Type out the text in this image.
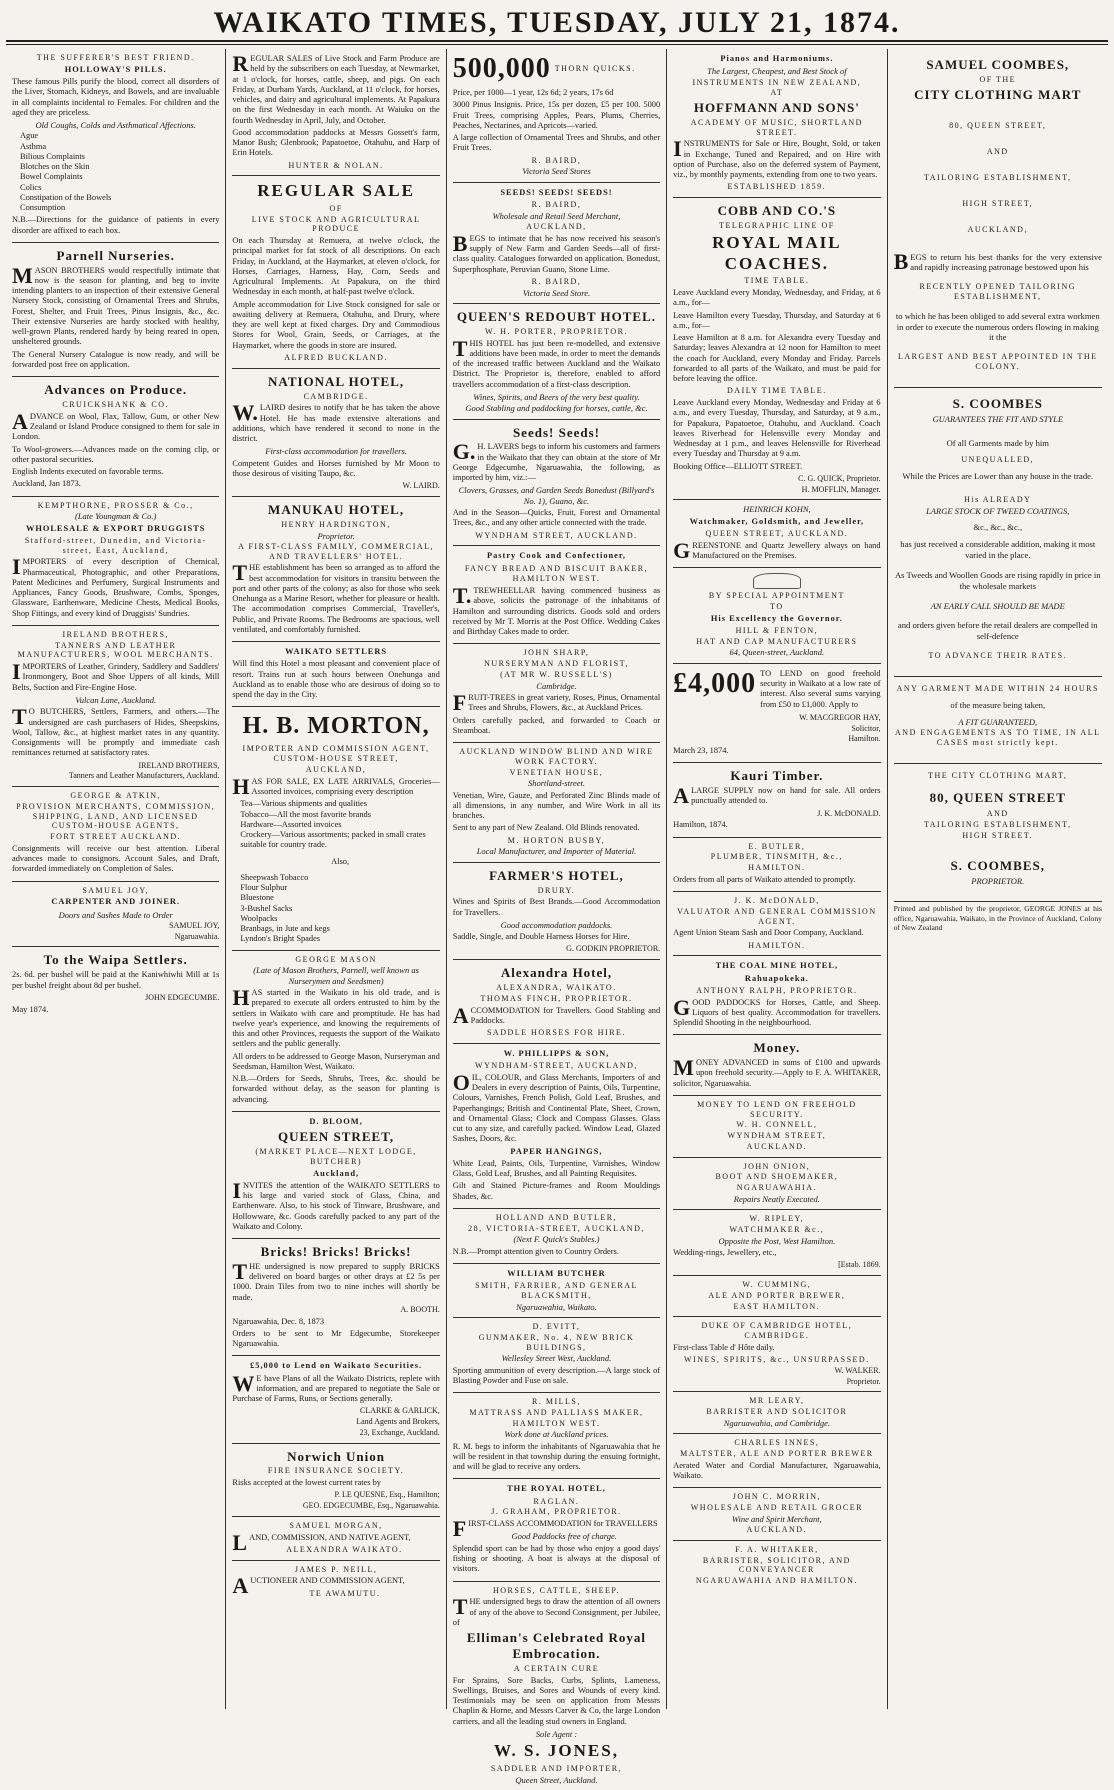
WAIKATO TIMES, TUESDAY, JULY 21, 1874.
THE SUFFERER'S BEST FRIEND.
HOLLOWAY'S PILLS.
These famous Pills purify the blood, correct all disorders of the Liver, Stomach, Kidneys, and Bowels, and are invaluable in all complaints incidental to Females. For children and the aged they are priceless.
Old Coughs, Colds and Asthmatical Affections.
Ague
Asthma
Bilious Complaints
Blotches on the Skin
Bowel Complaints
Colics
Constipation of the Bowels
Consumption
N.B.—Directions for the guidance of patients in every disorder are affixed to each box.
Parnell Nurseries.
MASON BROTHERS would respectfully intimate that now is the season for planting, and beg to invite intending planters to an inspection of their extensive General Nursery Stock, consisting of Ornamental Trees and Shrubs, Forest, Shelter, and Fruit Trees, Pinus Insignis, &c., &c. Their extensive Nurseries are hardy stocked with healthy, well-grown Plants, rendered hardy by being reared in open, unsheltered grounds.
The General Nursery Catalogue is now ready, and will be forwarded post free on application.
Advances on Produce.
CRUICKSHANK & CO.
ADVANCE on Wool, Flax, Tallow, Gum, or other New Zealand or Island Produce consigned to them for sale in London.
To Wool-growers.—Advances made on the coming clip, or other pastoral securities.
English Indents executed on favorable terms.
Auckland, Jan 1873.
KEMPTHORNE, PROSSER & Co.,
(Late Youngman & Co.)
WHOLESALE & EXPORT DRUGGISTS
Stafford-street, Dunedin, and Victoria-street, East, Auckland,
IMPORTERS of every description of Chemical, Pharmaceutical, Photographic, and other Preparations, Patent Medicines and Perfumery, Surgical Instruments and Appliances, Fancy Goods, Brushware, Combs, Sponges, Glassware, Earthenware, Medicine Chests, Medical Books, Shop Fittings, and every kind of Druggists' Sundries.
IRELAND BROTHERS,
TANNERS AND LEATHER MANUFACTURERS, WOOL MERCHANTS.
IMPORTERS of Leather, Grindery, Saddlery and Saddlers' Ironmongery, Boot and Shoe Uppers of all kinds, Mill Belts, Suction and Fire-Engine Hose.
Vulcan Lane, Auckland.
TO BUTCHERS, Settlers, Farmers, and others.—The undersigned are cash purchasers of Hides, Sheepskins, Wool, Tallow, &c., at highest market rates in any quantity. Consignments will be promptly and immediate cash remittances returned at satisfactory rates.
IRELAND BROTHERS,
Tanners and Leather Manufacturers, Auckland.
GEORGE & ATKIN,
PROVISION MERCHANTS, COMMISSION, SHIPPING, LAND, AND LICENSED CUSTOM-HOUSE AGENTS,
FORT STREET AUCKLAND.
Consignments will receive our best attention. Liberal advances made to consignors. Account Sales, and Draft, forwarded immediately on Completion of Sales.
SAMUEL JOY,
CARPENTER AND JOINER.
Doors and Sashes Made to Order
SAMUEL JOY,
Ngaruawahia.
To the Waipa Settlers.
2s. 6d. per bushel will be paid at the Kaniwhiwhi Mill at 1s per bushel freight about 8d per bushel.
JOHN EDGECUMBE.
May 1874.
REGULAR SALES of Live Stock and Farm Produce are held by the subscribers on each Tuesday, at Newmarket, at 1 o'clock, for horses, cattle, sheep, and pigs. On each Friday, at Durham Yards, Auckland, at 11 o'clock, for horses, vehicles, and dairy and agricultural implements. At Papakura on the first Wednesday in each month. At Waiuku on the fourth Wednesday in April, July, and October.
Good accommodation paddocks at Messrs Gossett's farm, Manor Bush; Glenbrook; Papatoetoe, Otahuhu, and Harp of Erin Hotels.
HUNTER & NOLAN.
REGULAR SALE
OF
LIVE STOCK AND AGRICULTURAL PRODUCE
On each Thursday at Remuera, at twelve o'clock, the principal market for fat stock of all descriptions. On each Friday, in Auckland, at the Haymarket, at eleven o'clock, for Horses, Carriages, Harness, Hay, Corn, Seeds and Agricultural Implements. At Papakura, on the third Wednesday in each month, at half-past twelve o'clock.
Ample accommodation for Live Stock consigned for sale or awaiting delivery at Remuera, Otahuhu, and Drury, where they are well kept at fixed charges. Dry and Commodious Stores for Wool, Grain, Seeds, or Carriages, at the Haymarket, where the goods in store are insured.
ALFRED BUCKLAND.
NATIONAL HOTEL,
CAMBRIDGE.
W.LAIRD desires to notify that he has taken the above Hotel. He has made extensive alterations and additions, which have rendered it second to none in the district.
First-class accommodation for travellers.
Competent Guides and Horses furnished by Mr Moon to those desirous of visiting Taupo, &c.
W. LAIRD.
MANUKAU HOTEL,
HENRY HARDINGTON,
Proprietor.
A FIRST-CLASS FAMILY, COMMERCIAL, AND TRAVELLERS' HOTEL.
THE establishment has been so arranged as to afford the best accommodation for visitors in transitu between the port and other parts of the colony; as also for those who seek Onehunga as a Marine Resort, whether for pleasure or health. The accommodation comprises Commercial, Traveller's, Public, and Private Rooms. The Bedrooms are spacious, well ventilated, and comfortably furnished.
WAIKATO SETTLERS
Will find this Hotel a most pleasant and convenient place of resort. Trains run at such hours between Onehunga and Auckland as to enable those who are desirous of doing so to spend the day in the City.
H. B. MORTON,
IMPORTER AND COMMISSION AGENT,
CUSTOM-HOUSE STREET,
AUCKLAND,
HAS FOR SALE, EX LATE ARRIVALS, Groceries—Assorted invoices, comprising every description
Tea—Various shipments and qualities
Tobacco—All the most favorite brands
Hardware—Assorted invoices
Crockery—Various assortments; packed in small crates suitable for country trade.
Also,
Sheepwash Tobacco
Flour Sulphur
Bluestone
3-Bushel Sacks
Woolpacks
Branbags, in Jute and kegs
Lyndon's Bright Spades
GEORGE MASON
(Late of Mason Brothers, Parnell, well known as Nurserymen and Seedsmen)
HAS started in the Waikato in his old trade, and is prepared to execute all orders entrusted to him by the settlers in Waikato with care and promptitude. He has had twelve year's experience, and knowing the requirements of this and other Provinces, requests the support of the Waikato settlers and the public generally.
All orders to be addressed to George Mason, Nurseryman and Seedsman, Hamilton West, Waikato.
N.B.—Orders for Seeds, Shrubs, Trees, &c. should be forwarded without delay, as the season for planting is advancing.
D. BLOOM,
QUEEN STREET,
(MARKET PLACE—NEXT LODGE, BUTCHER)
Auckland,
INVITES the attention of the WAIKATO SETTLERS to his large and varied stock of Glass, China, and Earthenware. Also, to his stock of Tinware, Brushware, and Hollowware, &c. Goods carefully packed to any part of the Waikato and Colony.
Bricks! Bricks! Bricks!
THE undersigned is now prepared to supply BRICKS delivered on board barges or other drays at £2 5s per 1000. Drain Tiles from two to nine inches will shortly be made.
A. BOOTH.
Ngaruawahia, Dec. 8, 1873
Orders to be sent to Mr Edgecumbe, Storekeeper Ngaruawahia.
£5,000 to Lend on Waikato Securities.
WE have Plans of all the Waikato Districts, replete with information, and are prepared to negotiate the Sale or Purchase of Farms, Runs, or Sections generally.
CLARKE & GARLICK,
Land Agents and Brokers,
23, Exchange, Auckland.
Norwich Union
FIRE INSURANCE SOCIETY.
Risks accepted at the lowest current rates by
P. LE QUESNE, Esq., Hamilton;
GEO. EDGECUMBE, Esq., Ngaruawahia.
SAMUEL MORGAN,
LAND, COMMISSION, AND NATIVE AGENT,
ALEXANDRA WAIKATO.
JAMES P. NEILL,
AUCTIONEER AND COMMISSION AGENT,
TE AWAMUTU.
500,000 THORN QUICKS.
Price, per 1000—1 year, 12s 6d; 2 years, 17s 6d
3000 Pinus Insignis. Price, 15s per dozen, £5 per 100. 5000 Fruit Trees, comprising Apples, Pears, Plums, Cherries, Peaches, Nectarines, and Apricots—varied.
A large collection of Ornamental Trees and Shrubs, and other Fruit Trees.
R. BAIRD,
Victoria Seed Stores
SEEDS! SEEDS! SEEDS!
R. BAIRD,
Wholesale and Retail Seed Merchant,
AUCKLAND,
BEGS to intimate that he has now received his season's supply of New Farm and Garden Seeds—all of first-class quality. Catalogues forwarded on application. Bonedust, Superphosphate, Peruvian Guano, Stone Lime.
R. BAIRD,
Victoria Seed Store.
QUEEN'S REDOUBT HOTEL.
W. H. PORTER, PROPRIETOR.
THIS HOTEL has just been re-modelled, and extensive additions have been made, in order to meet the demands of the increased traffic between Auckland and the Waikato District. The Proprietor is, therefore, enabled to afford travellers accommodation of a first-class description.
Wines, Spirits, and Beers of the very best quality.
Good Stabling and paddocking for horses, cattle, &c.
Seeds! Seeds!
G.H. LAVERS begs to inform his customers and farmers in the Waikato that they can obtain at the store of Mr George Edgecumbe, Ngaruawahia, the following, as imported by him, viz.:—
Clovers, Grasses, and Garden Seeds Bonedust (Billyard's No. 1), Guano, &c.
And in the Season—Quicks, Fruit, Forest and Ornamental Trees, &c., and any other article connected with the trade.
WYNDHAM STREET, AUCKLAND.
Pastry Cook and Confectioner,
FANCY BREAD AND BISCUIT BAKER,
HAMILTON WEST.
T.TREWHEELLAR having commenced business as above, solicits the patronage of the inhabitants of Hamilton and surrounding districts. Goods sold and orders received by Mr T. Morris at the Post Office. Wedding Cakes and Birthday Cakes made to order.
JOHN SHARP,
NURSERYMAN AND FLORIST,
(AT MR W. RUSSELL'S)
Cambridge.
FRUIT-TREES in great variety, Roses, Pinus, Ornamental Trees and Shrubs, Flowers, &c., at Auckland Prices.
Orders carefully packed, and forwarded to Coach or Steamboat.
AUCKLAND WINDOW BLIND AND WIRE WORK FACTORY.
VENETIAN HOUSE,
Shortland-street.
Venetian, Wire, Gauze, and Perforated Zinc Blinds made of all dimensions, in any number, and Wire Work in all its branches.
Sent to any part of New Zealand. Old Blinds renovated.
M. HORTON BUSBY,
Local Manufacturer, and Importer of Material.
FARMER'S HOTEL,
DRURY.
Wines and Spirits of Best Brands.—Good Accommodation for Travellers.
Good accommodation paddocks.
Saddle, Single, and Double Harness Horses for Hire.
G. GODKIN PROPRIETOR.
Alexandra Hotel,
ALEXANDRA, WAIKATO.
THOMAS FINCH, PROPRIETOR.
ACCOMMODATION for Travellers. Good Stabling and Paddocks.
SADDLE HORSES FOR HIRE.
W. PHILLIPPS & SON,
WYNDHAM-STREET, AUCKLAND,
OIL, COLOUR, and Glass Merchants, Importers of and Dealers in every description of Paints, Oils, Turpentine, Colours, Varnishes, French Polish, Gold Leaf, Brushes, and Paperhangings; British and Continental Plate, Sheet, Crown, and Ornamental Glass; Clock and Compass Glasses. Glass cut to any size, and carefully packed. Window Lead, Glazed Sashes, Doors, &c.
PAPER HANGINGS,
White Lead, Paints, Oils, Turpentine, Varnishes, Window Glass, Gold Leaf, Brushes, and all Painting Requisites.
Gilt and Stained Picture-frames and Room Mouldings Shades, &c.
HOLLAND AND BUTLER,
28, VICTORIA-STREET, AUCKLAND,
(Next F. Quick's Stables.)
N.B.—Prompt attention given to Country Orders.
WILLIAM BUTCHER
SMITH, FARRIER, AND GENERAL BLACKSMITH,
Ngaruawahia, Waikato.
D. EVITT,
GUNMAKER, No. 4, NEW BRICK BUILDINGS,
Wellesley Street West, Auckland.
Sporting ammunition of every description.—A large stock of Blasting Powder and Fuse on sale.
R. MILLS,
MATTRASS AND PALLIASS MAKER,
HAMILTON WEST.
Work done at Auckland prices.
R. M. begs to inform the inhabitants of Ngaruawahia that he will be resident in that township during the ensuing fortnight, and will be glad to receive any orders.
THE ROYAL HOTEL,
RAGLAN.
J. GRAHAM, PROPRIETOR.
FIRST-CLASS ACCOMMODATION for TRAVELLERS
Good Paddocks free of charge.
Splendid sport can be had by those who enjoy a good days' fishing or shooting. A boat is always at the disposal of visitors.
HORSES, CATTLE, SHEEP.
THE undersigned begs to draw the attention of all owners of any of the above to Second Consignment, per Jubilee, of
Elliman's Celebrated Royal Embrocation.
A CERTAIN CURE
For Sprains, Sore Backs, Curbs, Splints, Lameness, Swellings, Bruises, and Sores and Wounds of every kind. Testimonials may be seen on application from Messrs Chaplin & Horne, and Messrs Carver & Co, the large London carriers, and all the leading stud owners in England.
Sole Agent :
W. S. JONES,
SADDLER AND IMPORTER,
Queen Street, Auckland.
Pianos and Harmoniums.
The Largest, Cheapest, and Best Stock of
INSTRUMENTS IN NEW ZEALAND,
AT
HOFFMANN AND SONS'
ACADEMY OF MUSIC, SHORTLAND STREET.
INSTRUMENTS for Sale or Hire, Bought, Sold, or taken in Exchange, Tuned and Repaired, and on Hire with option of Purchase, also on the deferred system of Payment, viz., by monthly payments, extending from one to two years.
ESTABLISHED 1859.
COBB AND CO.'S
TELEGRAPHIC LINE OF
ROYAL MAIL COACHES.
TIME TABLE.
Leave Auckland every Monday, Wednesday, and Friday, at 6 a.m., for—
Leave Hamilton every Tuesday, Thursday, and Saturday at 6 a.m., for—
Leave Hamilton at 8 a.m. for Alexandra every Tuesday and Saturday; leaves Alexandra at 12 noon for Hamilton to meet the coach for Auckland, every Monday and Friday. Parcels forwarded to all parts of the Waikato, and must be paid for before leaving the office.
DAILY TIME TABLE.
Leave Auckland every Monday, Wednesday and Friday at 6 a.m., and every Tuesday, Thursday, and Saturday, at 9 a.m., for Papakura, Papatoetoe, Otahuhu, and Auckland. Coach leaves Riverhead for Helensville every Monday and Wednesday at 1 p.m., and leaves Helensville for Riverhead every Tuesday and Thursday at 9 a.m.
Booking Office—ELLIOTT STREET.
C. G. QUICK, Proprietor.
H. MOFFLIN, Manager.
HEINRICH KOHN,
Watchmaker, Goldsmith, and Jeweller,
QUEEN STREET, AUCKLAND.
GREENSTONE and Quartz Jewellery always on hand Manufactured on the Premises.
BY SPECIAL APPOINTMENT
TO
His Excellency the Governor.
HILL & FENTON,
HAT AND CAP MANUFACTURERS
64, Queen-street, Auckland.
£4,000 TO LEND on good freehold security in Waikato at a low rate of interest. Also several sums varying from £50 to £1,000. Apply to
W. MACGREGOR HAY,
Solicitor,
Hamilton.
March 23, 1874.
Kauri Timber.
ALARGE SUPPLY now on hand for sale. All orders punctually attended to.
J. K. McDONALD.
Hamilton, 1874.
E. BUTLER,
PLUMBER, TINSMITH, &c.,
HAMILTON.
Orders from all parts of Waikato attended to promptly.
J. K. McDONALD,
VALUATOR AND GENERAL COMMISSION AGENT.
Agent Union Steam Sash and Door Company, Auckland.
HAMILTON.
THE COAL MINE HOTEL,
Rahuapokeka.
ANTHONY RALPH, PROPRIETOR.
GOOD PADDOCKS for Horses, Cattle, and Sheep. Liquors of best quality. Accommodation for travellers. Splendid Shooting in the neighbourhood.
Money.
MONEY ADVANCED in sums of £100 and upwards upon freehold security.—Apply to F. A. WHITAKER, solicitor, Ngaruawahia.
MONEY TO LEND ON FREEHOLD SECURITY.
W. H. CONNELL,
WYNDHAM STREET,
AUCKLAND.
JOHN ONION,
BOOT AND SHOEMAKER,
NGARUAWAHIA.
Repairs Neatly Executed.
W. RIPLEY,
WATCHMAKER &c.,
Opposite the Post, West Hamilton.
Wedding-rings, Jewellery, etc.,
[Estab. 1869.
W. CUMMING,
ALE AND PORTER BREWER,
EAST HAMILTON.
DUKE OF CAMBRIDGE HOTEL, CAMBRIDGE.
First-class Table d' Hôte daily.
WINES, SPIRITS, &c., UNSURPASSED.
W. WALKER.
Proprietor.
MR LEARY,
BARRISTER AND SOLICITOR
Ngaruawahia, and Cambridge.
CHARLES INNES,
MALTSTER, ALE AND PORTER BREWER
Aerated Water and Cordial Manufacturer, Ngaruawahia, Waikato.
JOHN C. MORRIN,
WHOLESALE AND RETAIL GROCER
Wine and Spirit Merchant,
AUCKLAND.
F. A. WHITAKER,
BARRISTER, SOLICITOR, AND CONVEYANCER
NGARUAWAHIA AND HAMILTON.
SAMUEL COOMBES,
OF THE
CITY CLOTHING MART
80, QUEEN STREET,
AND
TAILORING ESTABLISHMENT,
HIGH STREET,
AUCKLAND,
BEGS to return his best thanks for the very extensive and rapidly increasing patronage bestowed upon his
RECENTLY OPENED TAILORING ESTABLISHMENT,
to which he has been obliged to add several extra workmen in order to execute the numerous orders flowing in making it the
LARGEST AND BEST APPOINTED IN THE COLONY.
S. COOMBES
GUARANTEES THE FIT AND STYLE
Of all Garments made by him
UNEQUALLED,
While the Prices are Lower than any house in the trade.
His ALREADY
LARGE STOCK OF TWEED COATINGS,
&c., &c., &c.,
has just received a considerable addition, making it most varied in the place.
As Tweeds and Woollen Goods are rising rapidly in price in the wholesale markets
AN EARLY CALL SHOULD BE MADE
and orders given before the retail dealers are compelled in self-defence
TO ADVANCE THEIR RATES.
ANY GARMENT MADE WITHIN 24 HOURS
of the measure being taken,
A FIT GUARANTEED,
AND ENGAGEMENTS AS TO TIME, IN ALL CASES most strictly kept.
THE CITY CLOTHING MART,
80, QUEEN STREET
AND
TAILORING ESTABLISHMENT,
HIGH STREET.
S. COOMBES,
PROPRIETOR.
Printed and published by the proprietor, GEORGE JONES at his office, Ngaruawahia, Waikato, in the Province of Auckland, Colony of New Zealand
